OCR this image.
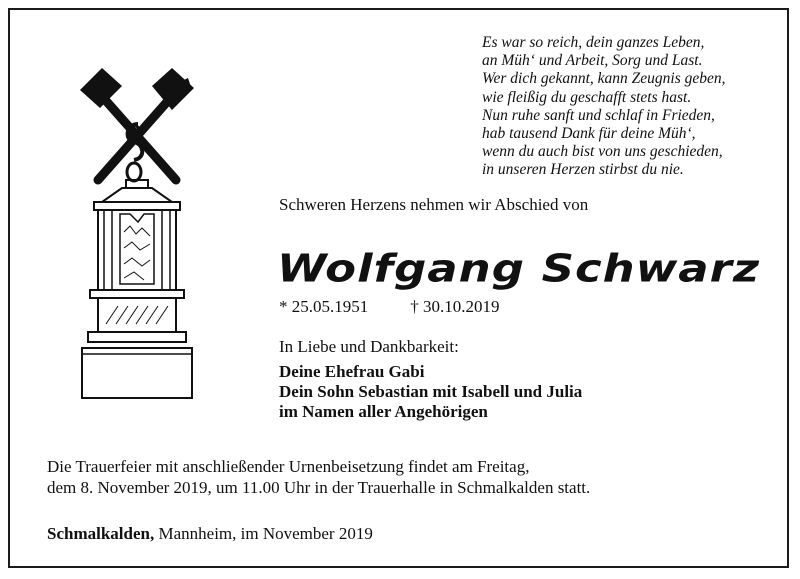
Es war so reich, dein ganzes Leben,
an Müh‘ und Arbeit, Sorg und Last.
Wer dich gekannt, kann Zeugnis geben,
wie fleißig du geschafft stets hast.
Nun ruhe sanft und schlaf in Frieden,
hab tausend Dank für deine Müh‘,
wenn du auch bist von uns geschieden,
in unseren Herzen stirbst du nie.
Schweren Herzens nehmen wir Abschied von
Wolfgang Schwarz
* 25.05.1951 † 30.10.2019
In Liebe und Dankbarkeit:
Deine Ehefrau Gabi
Dein Sohn Sebastian mit Isabell und Julia
im Namen aller Angehörigen
Die Trauerfeier mit anschließender Urnenbeisetzung findet am Freitag,
dem 8. November 2019, um 11.00 Uhr in der Trauerhalle in Schmalkalden statt.
Schmalkalden, Mannheim, im November 2019
